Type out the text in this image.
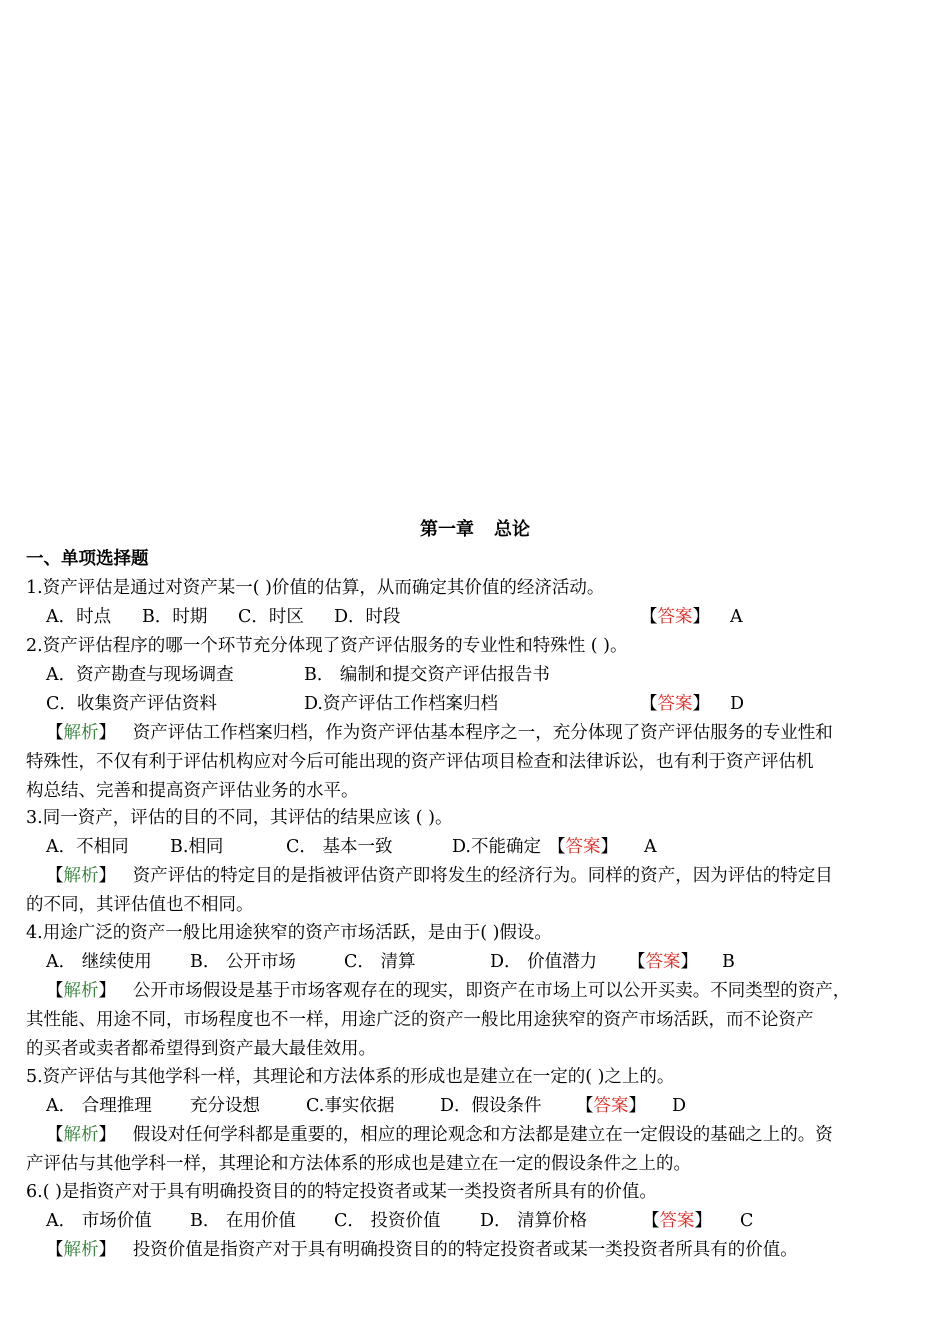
第一章 总论
一、单项选择题
1.资产评估是通过对资产某一( )价值的估算，从而确定其价值的经济活动。
A．时点 B．时期 C．时区 D．时段	【答案】 A
2.资产评估程序的哪一个环节充分体现了资产评估服务的专业性和特殊性 ( )。
A．资产勘查与现场调查	B． 编制和提交资产评估报告书
C．收集资产评估资料	D.资产评估工作档案归档	【答案】 D
【解析】   资产评估工作档案归档，作为资产评估基本程序之一，充分体现了资产评估服务的专业性和
特殊性，不仅有利于评估机构应对今后可能出现的资产评估项目检查和法律诉讼，也有利于资产评估机
构总结、完善和提高资产评估业务的水平。
3.同一资产，评估的目的不同，其评估的结果应该 ( )。
A．不相同 B.相同	C． 基本一致	D.不能确定 【答案】 A
【解析】   资产评估的特定目的是指被评估资产即将发生的经济行为。同样的资产，因为评估的特定目
的不同，其评估值也不相同。
4.用途广泛的资产一般比用途狭窄的资产市场活跃，是由于( )假设。
A． 继续使用 B． 公开市场	C． 清算	D． 价值潜力 【答案】 B
【解析】   公开市场假设是基于市场客观存在的现实，即资产在市场上可以公开买卖。不同类型的资产，
其性能、用途不同，市场程度也不一样，用途广泛的资产一般比用途狭窄的资产市场活跃，而不论资产
的买者或卖者都希望得到资产最大最佳效用。
5.资产评估与其他学科一样，其理论和方法体系的形成也是建立在一定的( )之上的。
A． 合理推理 充分设想	C.事实依据	D．假设条件 【答案】 D
【解析】   假设对任何学科都是重要的，相应的理论观念和方法都是建立在一定假设的基础之上的。资
产评估与其他学科一样，其理论和方法体系的形成也是建立在一定的假设条件之上的。
6.( )是指资产对于具有明确投资目的的特定投资者或某一类投资者所具有的价值。
A． 市场价值 B． 在用价值 C． 投资价值 D． 清算价格	【答案】 C
【解析】   投资价值是指资产对于具有明确投资目的的特定投资者或某一类投资者所具有的价值。
